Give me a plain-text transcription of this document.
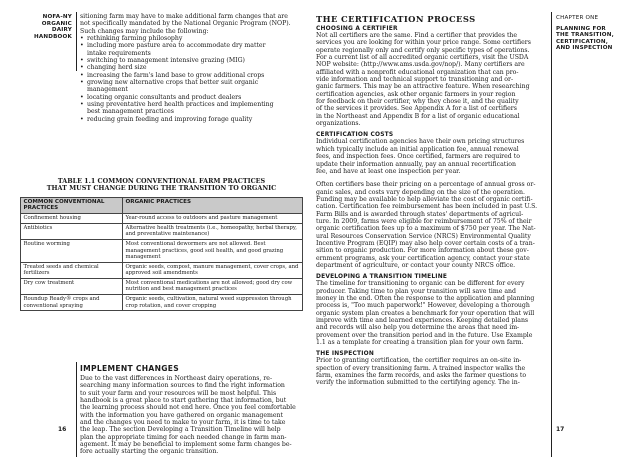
NOFA-NY
ORGANIC
DAIRY
HANDBOOK
sitioning farm may have to make additional farm changes that are
not specifically mandated by the National Organic Program (NOP).
Such changes may include the following:
• rethinking farming philosophy
• including more pasture area to accommodate dry matter
intake requirements
• switching to management intensive grazing (MIG)
• changing herd size
• increasing the farm's land base to grow additional crops
• growing new alternative crops that better suit organic
management
• locating organic consultants and product dealers
• using preventative herd health practices and implementing
best management practices
• reducing grain feeding and improving forage quality
TABLE 1.1 COMMON CONVENTIONAL FARM PRACTICES
THAT MUST CHANGE DURING THE TRANSITION TO ORGANIC
COMMON CONVENTIONAL PRACTICES	ORGANIC PRACTICES
Confinement housing	Year-round access to outdoors and pasture management
Antibiotics	Alternative health treatments (i.e., homeopathy, herbal therapy, and preventative maintenance)
Routine worming	Most conventional dewormers are not allowed. Best management practices, good soil health, and good grazing management
Treated seeds and chemical fertilizers	Organic seeds, compost, manure management, cover crops, and approved soil amendments
Dry cow treatment	Most conventional medications are not allowed; good dry cow nutrition and best management practices
Roundup Ready® crops and conventional spraying	Organic seeds, cultivation, natural weed suppression through crop rotation, and cover cropping
IMPLEMENT CHANGES
Due to the vast differences in Northeast dairy operations, re-
searching many information sources to find the right information
to suit your farm and your resources will be most helpful. This
handbook is a great place to start gathering that information, but
the learning process should not end here. Once you feel comfortable
with the information you have gathered on organic management
and the changes you need to make to your farm, it is time to take
the leap. The section Developing a Transition Timeline will help
plan the appropriate timing for each needed change in farm man-
agement. It may be beneficial to implement some farm changes be-
fore actually starting the organic transition.
16
THE CERTIFICATION PROCESS
CHOOSING A CERTIFIER
Not all certifiers are the same. Find a certifier that provides the
services you are looking for within your price range. Some certifiers
operate regionally only and certify only specific types of operations.
For a current list of all accredited organic certifiers, visit the USDA
NOP website: (http://www.ams.usda.gov/nop/). Many certifiers are
affiliated with a nonprofit educational organization that can pro-
vide information and technical support to transitioning and or-
ganic farmers. This may be an attractive feature. When researching
certification agencies, ask other organic farmers in your region
for feedback on their certifier, why they chose it, and the quality
of the services it provides. See Appendix A for a list of certifiers
in the Northeast and Appendix B for a list of organic educational
organizations.
CERTIFICATION COSTS
Individual certification agencies have their own pricing structures
which typically include an initial application fee, annual renewal
fees, and inspection fees. Once certified, farmers are required to
update their information annually, pay an annual recertification
fee, and have at least one inspection per year.
Often certifiers base their pricing on a percentage of annual gross or-
ganic sales, and costs vary depending on the size of the operation.
Funding may be available to help alleviate the cost of organic certifi-
cation. Certification fee reimbursement has been included in past U.S.
Farm Bills and is awarded through states' departments of agricul-
ture. In 2009, farms were eligible for reimbursement of 75% of their
organic certification fees up to a maximum of $750 per year. The Nat-
ural Resources Conservation Service (NRCS) Environmental Quality
Incentive Program (EQIP) may also help cover certain costs of a tran-
sition to organic production. For more information about these gov-
ernment programs, ask your certification agency, contact your state
department of agriculture, or contact your county NRCS office.
DEVELOPING A TRANSITION TIMELINE
The timeline for transitioning to organic can be different for every
producer. Taking time to plan your transition will save time and
money in the end. Often the response to the application and planning
process is, "Too much paperwork!" However, developing a thorough
organic system plan creates a benchmark for your operation that will
improve with time and learned experiences. Keeping detailed plans
and records will also help you determine the areas that need im-
provement over the transition period and in the future. Use Example
1.1 as a template for creating a transition plan for your own farm.
THE INSPECTION
Prior to granting certification, the certifier requires an on-site in-
spection of every transitioning farm. A trained inspector walks the
farm, examines the farm records, and asks the farmer questions to
verify the information submitted to the certifying agency. The in-
CHAPTER ONE
PLANNING FOR
THE TRANSITION,
CERTIFICATION,
AND INSPECTION
17
